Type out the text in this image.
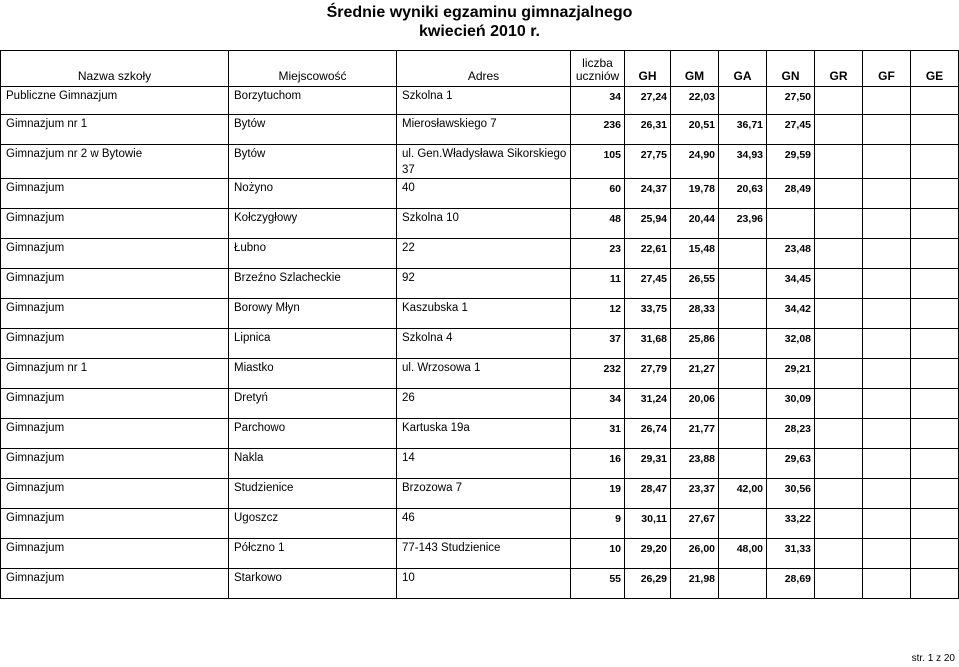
Średnie wyniki egzaminu gimnazjalnego
kwiecień 2010 r.
Nazwa szkoły	Miejscowość	Adres	liczba uczniów	GH	GM	GA	GN	GR	GF	GE
Publiczne Gimnazjum	Borzytuchom	Szkolna 1	34	27,24	22,03		27,50			
Gimnazjum nr 1	Bytów	Mierosławskiego 7	236	26,31	20,51	36,71	27,45			
Gimnazjum nr 2 w Bytowie	Bytów	ul. Gen.Władysława Sikorskiego 37	105	27,75	24,90	34,93	29,59			
Gimnazjum	Nożyno	40	60	24,37	19,78	20,63	28,49			
Gimnazjum	Kołczygłowy	Szkolna 10	48	25,94	20,44	23,96				
Gimnazjum	Łubno	22	23	22,61	15,48		23,48			
Gimnazjum	Brzeźno Szlacheckie	92	11	27,45	26,55		34,45			
Gimnazjum	Borowy Młyn	Kaszubska 1	12	33,75	28,33		34,42			
Gimnazjum	Lipnica	Szkolna 4	37	31,68	25,86		32,08			
Gimnazjum nr 1	Miastko	ul. Wrzosowa 1	232	27,79	21,27		29,21			
Gimnazjum	Dretyń	26	34	31,24	20,06		30,09			
Gimnazjum	Parchowo	Kartuska 19a	31	26,74	21,77		28,23			
Gimnazjum	Nakla	14	16	29,31	23,88		29,63			
Gimnazjum	Studzienice	Brzozowa 7	19	28,47	23,37	42,00	30,56			
Gimnazjum	Ugoszcz	46	9	30,11	27,67		33,22			
Gimnazjum	Półczno 1	77-143 Studzienice	10	29,20	26,00	48,00	31,33			
Gimnazjum	Starkowo	10	55	26,29	21,98		28,69			
str. 1 z 20
